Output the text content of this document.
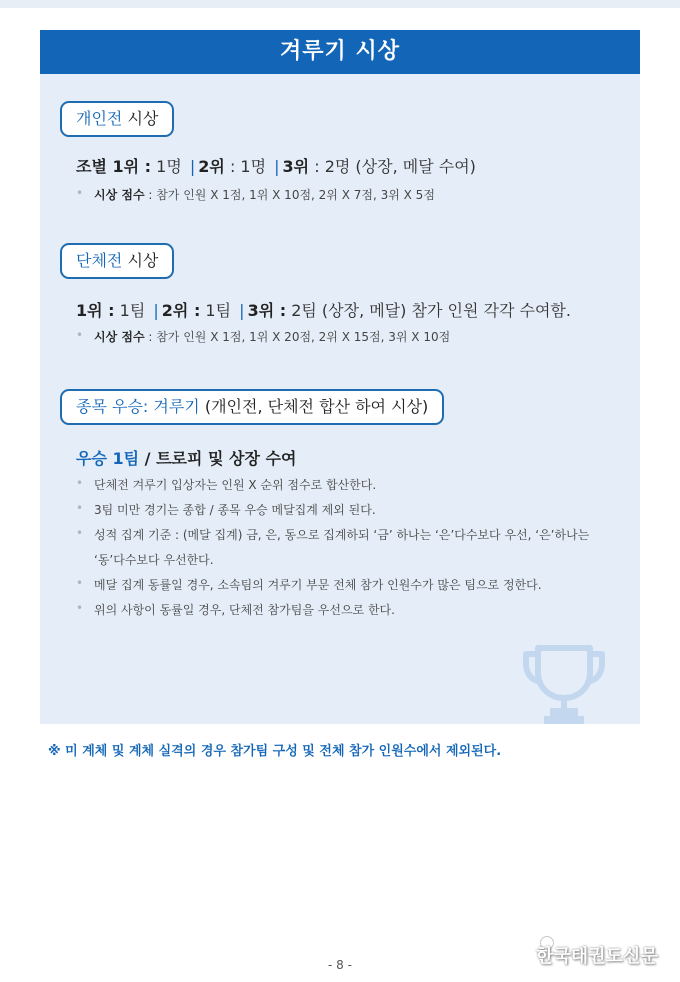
겨루기 시상
개인전 시상
조별 1위 : 1명 | 2위 : 1명 | 3위 : 2명 (상장, 메달 수여)
• 시상 점수 : 참가 인원 X 1점, 1위 X 10점, 2위 X 7점, 3위 X 5점
단체전 시상
1위 : 1팀 | 2위 : 1팀 | 3위 : 2팀 (상장, 메달) 참가 인원 각각 수여함.
• 시상 점수 : 참가 인원 X 1점, 1위 X 20점, 2위 X 15점, 3위 X 10점
종목 우승: 겨루기 (개인전, 단체전 합산 하여 시상)
우승 1팀 / 트로피 및 상장 수여
• 단체전 겨루기 입상자는 인원 X 순위 점수로 합산한다.
• 3팀 미만 경기는 종합 / 종목 우승 메달집계 제외 된다.
• 성적 집계 기준 : (메달 집계) 금, 은, 동으로 집계하되 ‘금’ 하나는 ‘은’다수보다 우선, ‘은’하나는
‘동’다수보다 우선한다.
• 메달 집계 동률일 경우, 소속팀의 겨루기 부문 전체 참가 인원수가 많은 팀으로 정한다.
• 위의 사항이 동률일 경우, 단체전 참가팀을 우선으로 한다.
※ 미 계체 및 계체 실격의 경우 참가팀 구성 및 전체 참가 인원수에서 제외된다.
- 8 -	한국태권도신문
